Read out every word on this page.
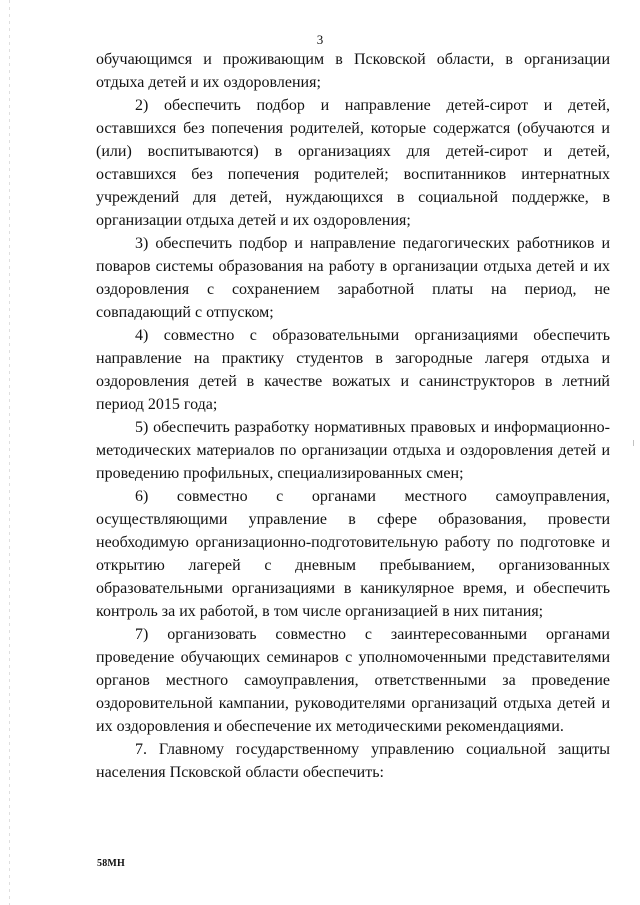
3

обучающимся и проживающим в Псковской области, в организации отдыха детей и их оздоровления;

2) обеспечить подбор и направление детей-сирот и детей, оставшихся без попечения родителей, которые содержатся (обучаются и (или) воспитываются) в организациях для детей-сирот и детей, оставшихся без попечения родителей; воспитанников интернатных учреждений для детей, нуждающихся в социальной поддержке, в организации отдыха детей и их оздоровления;

3) обеспечить подбор и направление педагогических работников и поваров системы образования на работу в организации отдыха детей и их оздоровления с сохранением заработной платы на период, не совпадающий с отпуском;

4) совместно с образовательными организациями обеспечить направление на практику студентов в загородные лагеря отдыха и оздоровления детей в качестве вожатых и санинструкторов в летний период 2015 года;

5) обеспечить разработку нормативных правовых и информационно-методических материалов по организации отдыха и оздоровления детей и проведению профильных, специализированных смен;

6) совместно с органами местного самоуправления, осуществляющими управление в сфере образования, провести необходимую организационно-подготовительную работу по подготовке и открытию лагерей с дневным пребыванием, организованных образовательными организациями в каникулярное время, и обеспечить контроль за их работой, в том числе организацией в них питания;

7) организовать совместно с заинтересованными органами проведение обучающих семинаров с уполномоченными представителями органов местного самоуправления, ответственными за проведение оздоровительной кампании, руководителями организаций отдыха детей и их оздоровления и обеспечение их методическими рекомендациями.

7. Главному государственному управлению социальной защиты населения Псковской области обеспечить:

58МН
